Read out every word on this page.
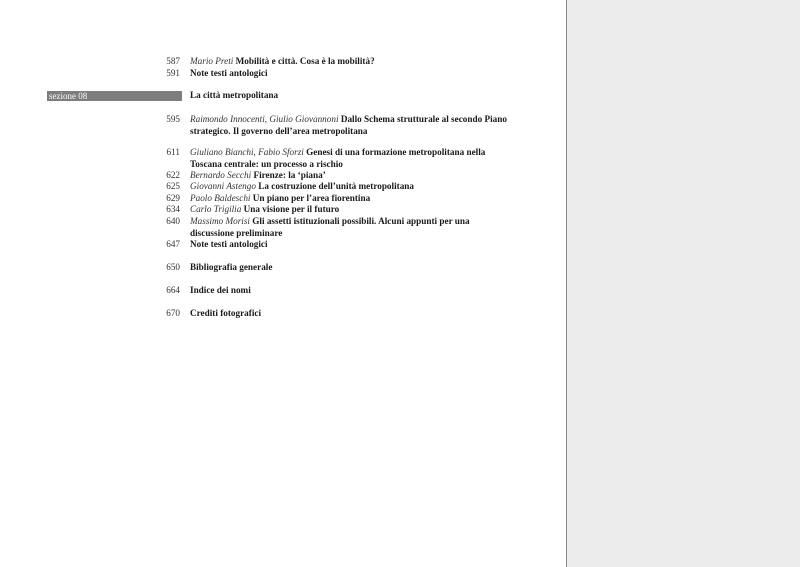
sezione 08
587 Mario Preti Mobilità e città. Cosa è la mobilità?
591 Note testi antologici
La città metropolitana
595 Raimondo Innocenti, Giulio Giovannoni Dallo Schema strutturale al secondo Piano strategico. Il governo dell’area metropolitana
611 Giuliano Bianchi, Fabio Sforzi Genesi di una formazione metropolitana nella Toscana centrale: un processo a rischio
622 Bernardo Secchi Firenze: la ‘piana’
625 Giovanni Astengo La costruzione dell’unità metropolitana
629 Paolo Baldeschi Un piano per l’area fiorentina
634 Carlo Trigilia Una visione per il futuro
640 Massimo Morisi Gli assetti istituzionali possibili. Alcuni appunti per una discussione preliminare
647 Note testi antologici
650 Bibliografia generale
664 Indice dei nomi
670 Crediti fotografici
